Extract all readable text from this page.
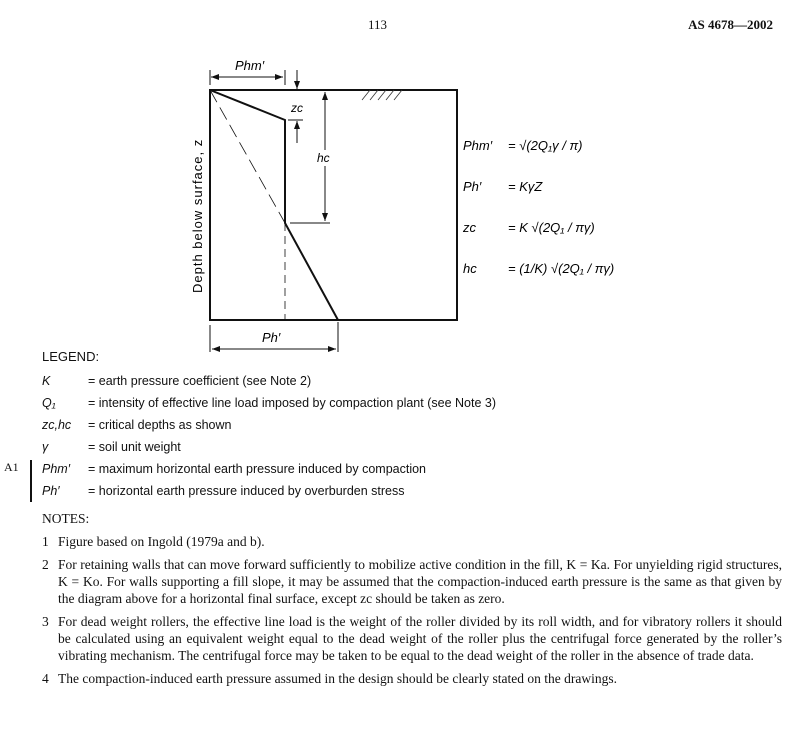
113	AS 4678—2002
Phm′
zc
hc
Ph′
Depth below surface, z	Phm′ = √(2Q₁γ / π)
Ph′ = KγZ
zc = K √(2Q₁ / πγ)
hc = (1/K) √(2Q₁ / πγ)
LEGEND:
K	= earth pressure coefficient (see Note 2)
Q₁	= intensity of effective line load imposed by compaction plant (see Note 3)
zc,hc	= critical depths as shown
γ	= soil unit weight
Phm′	= maximum horizontal earth pressure induced by compaction
Ph′	= horizontal earth pressure induced by overburden stress
A1
NOTES:
1 Figure based on Ingold (1979a and b).
2 For retaining walls that can move forward sufficiently to mobilize active condition in the fill, K = Ka. For unyielding rigid structures, K = Ko. For walls supporting a fill slope, it may be assumed that the compaction-induced earth pressure is the same as that given by the diagram above for a horizontal final surface, except zc should be taken as zero.
3 For dead weight rollers, the effective line load is the weight of the roller divided by its roll width, and for vibratory rollers it should be calculated using an equivalent weight equal to the dead weight of the roller plus the centrifugal force generated by the roller’s vibrating mechanism. The centrifugal force may be taken to be equal to the dead weight of the roller in the absence of trade data.
4 The compaction-induced earth pressure assumed in the design should be clearly stated on the drawings.
